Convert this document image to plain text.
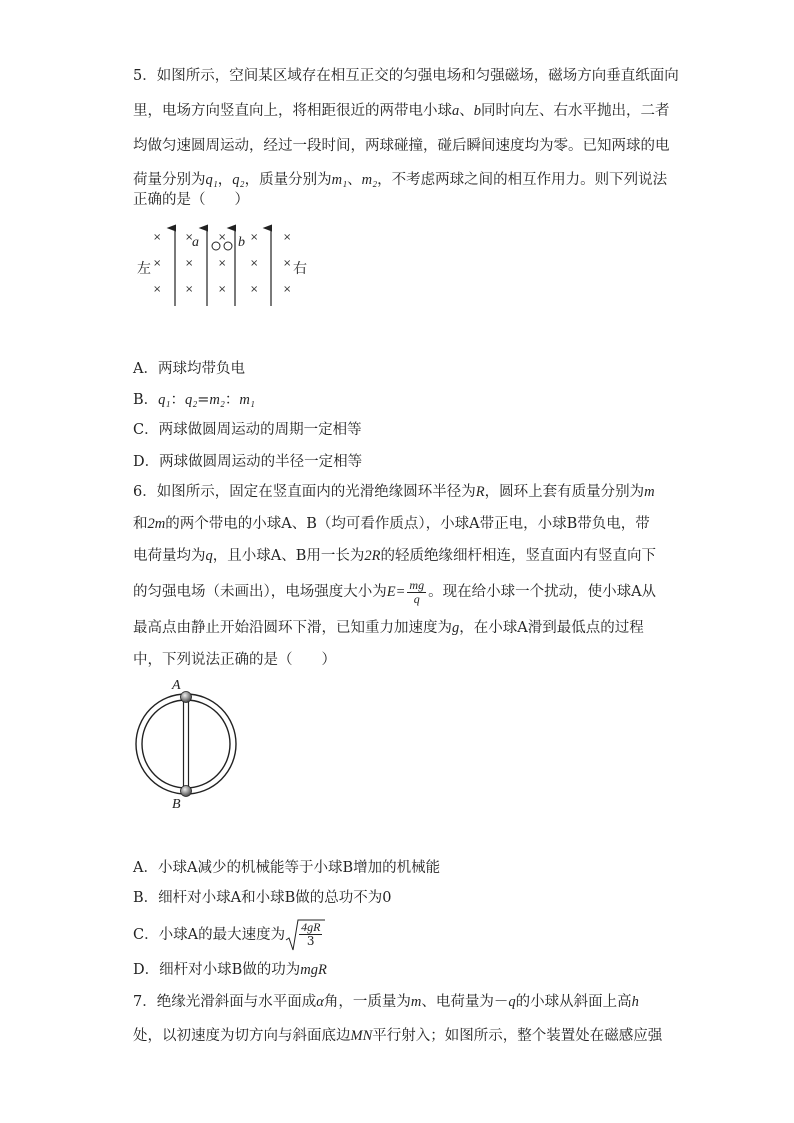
5．如图所示，空间某区域存在相互正交的匀强电场和匀强磁场，磁场方向垂直纸面向
里，电场方向竖直向上，将相距很近的两带电小球a、b同时向左、右水平抛出，二者
均做匀速圆周运动，经过一段时间，两球碰撞，碰后瞬间速度均为零。已知两球的电
荷量分别为q₁，q₂，质量分别为m₁、m₂，不考虑两球之间的相互作用力。则下列说法
正确的是（　　）
×
×
×
×
×
×
×
×
×
×
×
×
×
×
×
左	右
a	b
A．两球均带负电
B．q₁：q₂=m₂：m₁
C．两球做圆周运动的周期一定相等
D．两球做圆周运动的半径一定相等
6．如图所示，固定在竖直面内的光滑绝缘圆环半径为R，圆环上套有质量分别为m
和2m的两个带电的小球A、B（均可看作质点），小球A带正电，小球B带负电，带
电荷量均为q，且小球A、B用一长为2R的轻质绝缘细杆相连，竖直面内有竖直向下
的匀强电场（未画出），电场强度大小为$E= \frac{mg}{q}$ 。现在给小球一个扰动，使小球A从
最高点由静止开始沿圆环下滑，已知重力加速度为g，在小球A滑到最低点的过程
中，下列说法正确的是（　　）
A
B
A．小球A减少的机械能等于小球B增加的机械能
B．细杆对小球A和小球B做的总功不为0
C．小球A的最大速度为 $\frac{4gR}{3}$
D．细杆对小球B做的功为mgR
7．绝缘光滑斜面与水平面成α角，一质量为m、电荷量为－q的小球从斜面上高h
处，以初速度为切方向与斜面底边MN平行射入；如图所示，整个装置处在磁感应强
